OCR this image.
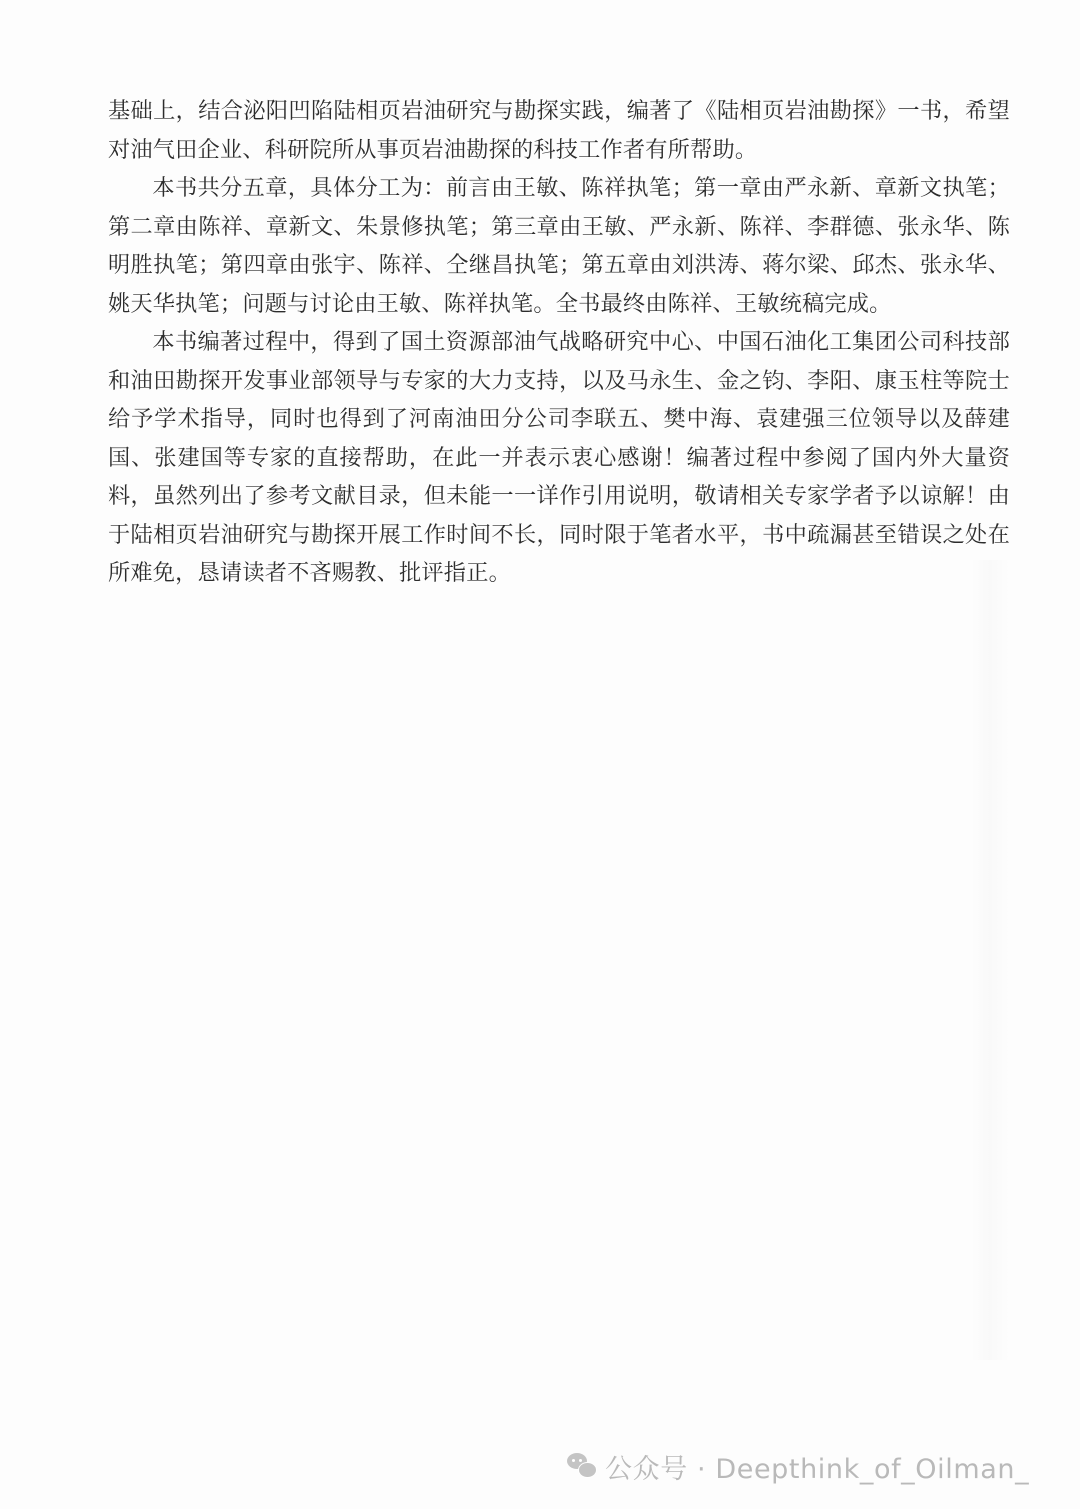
基础上，结合泌阳凹陷陆相页岩油研究与勘探实践，编著了《陆相页岩油勘探》一书，希望对油气田企业、科研院所从事页岩油勘探的科技工作者有所帮助。

本书共分五章，具体分工为：前言由王敏、陈祥执笔；第一章由严永新、章新文执笔；第二章由陈祥、章新文、朱景修执笔；第三章由王敏、严永新、陈祥、李群德、张永华、陈明胜执笔；第四章由张宇、陈祥、仝继昌执笔；第五章由刘洪涛、蒋尔梁、邱杰、张永华、姚天华执笔；问题与讨论由王敏、陈祥执笔。全书最终由陈祥、王敏统稿完成。

本书编著过程中，得到了国土资源部油气战略研究中心、中国石油化工集团公司科技部和油田勘探开发事业部领导与专家的大力支持，以及马永生、金之钧、李阳、康玉柱等院士给予学术指导，同时也得到了河南油田分公司李联五、樊中海、袁建强三位领导以及薛建国、张建国等专家的直接帮助，在此一并表示衷心感谢！编著过程中参阅了国内外大量资料，虽然列出了参考文献目录，但未能一一详作引用说明，敬请相关专家学者予以谅解！由于陆相页岩油研究与勘探开展工作时间不长，同时限于笔者水平，书中疏漏甚至错误之处在所难免，恳请读者不吝赐教、批评指正。

公众号 · Deepthink_of_Oilman_
